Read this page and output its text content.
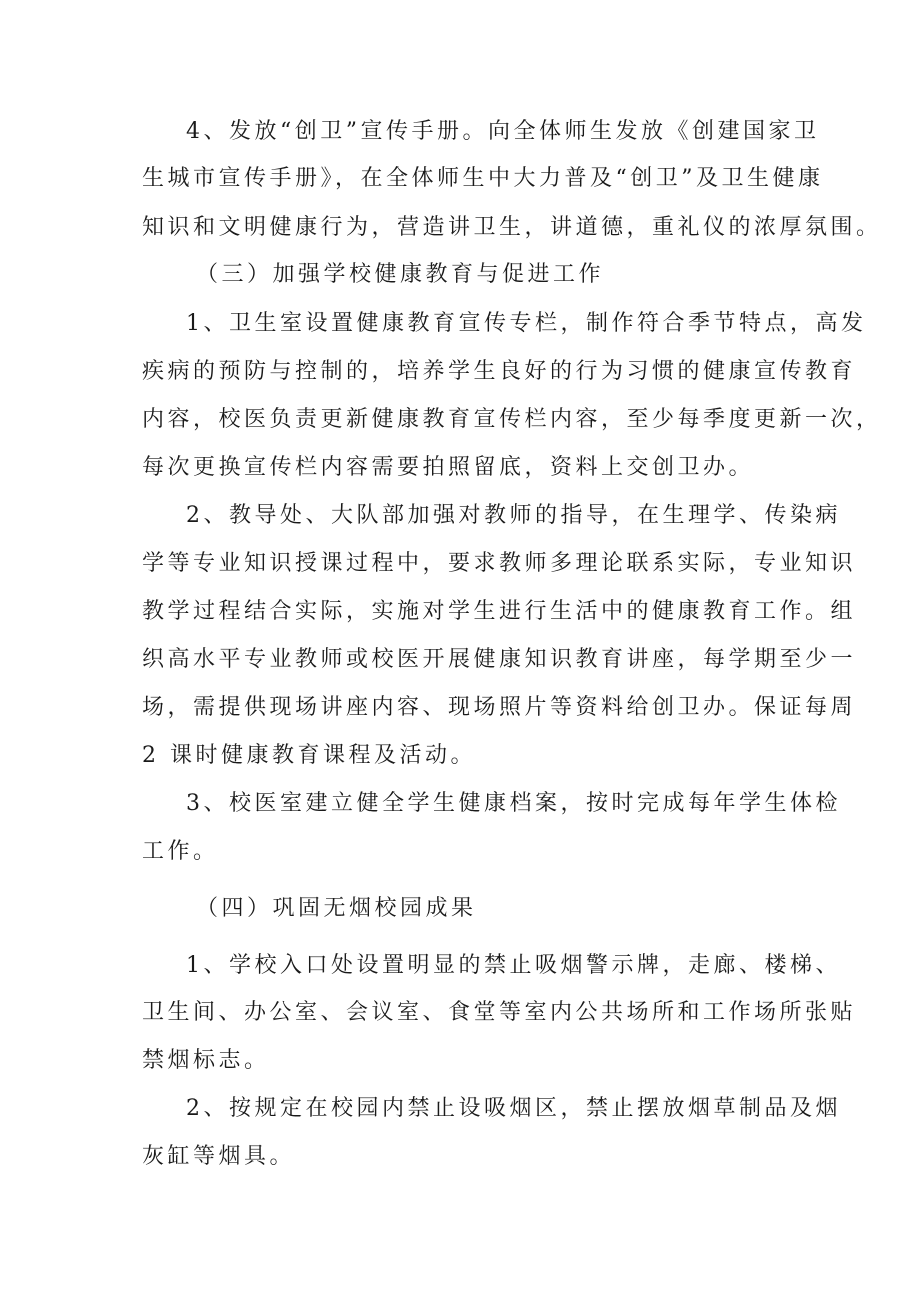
4、发放“创卫”宣传手册。向全体师生发放《创建国家卫

生城市宣传手册》，在全体师生中大力普及“创卫”及卫生健康

知识和文明健康行为，营造讲卫生，讲道德，重礼仪的浓厚氛围。

（三）加强学校健康教育与促进工作

1、卫生室设置健康教育宣传专栏，制作符合季节特点，高发

疾病的预防与控制的，培养学生良好的行为习惯的健康宣传教育

内容，校医负责更新健康教育宣传栏内容，至少每季度更新一次，

每次更换宣传栏内容需要拍照留底，资料上交创卫办。

2、教导处、大队部加强对教师的指导，在生理学、传染病

学等专业知识授课过程中，要求教师多理论联系实际，专业知识

教学过程结合实际，实施对学生进行生活中的健康教育工作。组

织高水平专业教师或校医开展健康知识教育讲座，每学期至少一

场，需提供现场讲座内容、现场照片等资料给创卫办。保证每周

2 课时健康教育课程及活动。

3、校医室建立健全学生健康档案，按时完成每年学生体检

工作。

（四）巩固无烟校园成果

1、学校入口处设置明显的禁止吸烟警示牌，走廊、楼梯、

卫生间、办公室、会议室、食堂等室内公共场所和工作场所张贴

禁烟标志。

2、按规定在校园内禁止设吸烟区，禁止摆放烟草制品及烟

灰缸等烟具。
